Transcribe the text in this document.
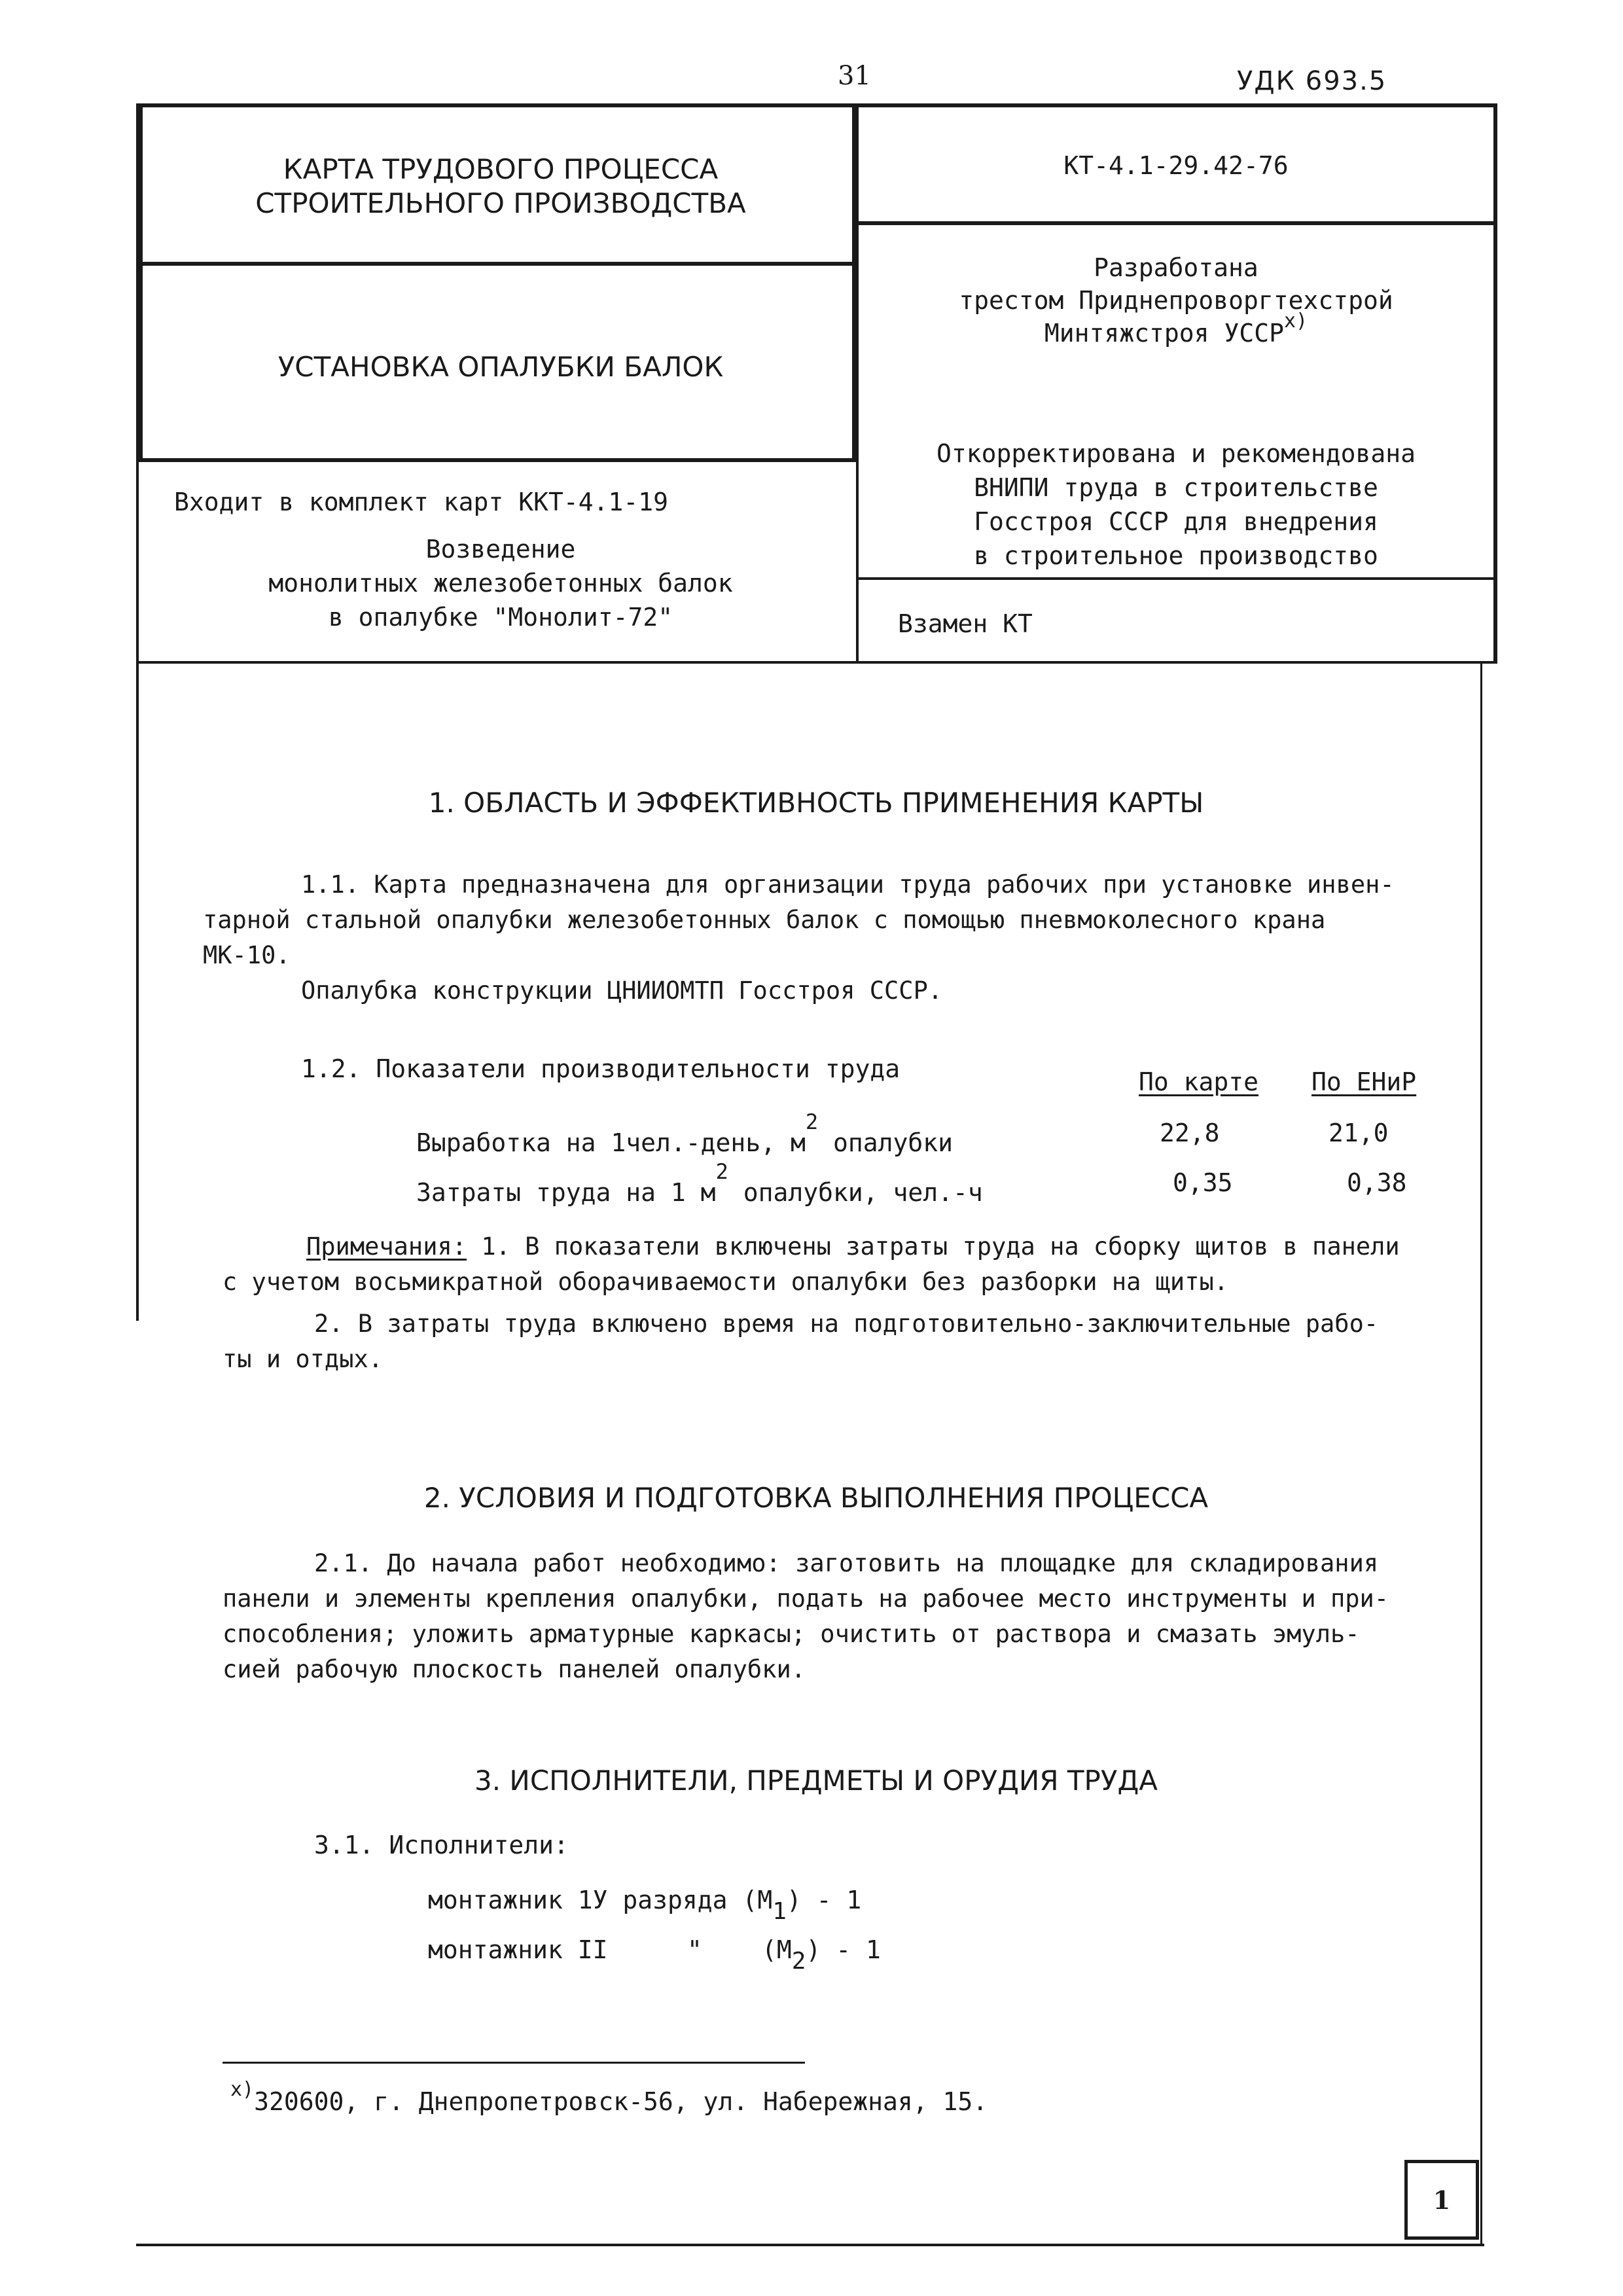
31	УДК 693.5
КАРТА ТРУДОВОГО ПРОЦЕССА
СТРОИТЕЛЬНОГО ПРОИЗВОДСТВА
УСТАНОВКА ОПАЛУБКИ БАЛОК
Входит в комплект карт ККТ-4.1-19
Возведение
монолитных железобетонных балок
в опалубке "Монолит-72"
КТ-4.1-29.42-76
Разработана
трестом Приднепроворгтехстрой
Минтяжстроя УССР$^{x)}$
Откорректирована и рекомендована
ВНИПИ труда в строительстве
Госстроя СССР для внедрения
в строительное производство
Взамен КТ
1. ОБЛАСТЬ И ЭФФЕКТИВНОСТЬ ПРИМЕНЕНИЯ КАРТЫ
1.1. Карта предназначена для организации труда рабочих при установке инвен-
тарной стальной опалубки железобетонных балок с помощью пневмоколесного крана
МК-10.
Опалубка конструкции ЦНИИОМТП Госстроя СССР.
1.2. Показатели производительности труда	По карте По ЕНиР
Выработка на 1чел.-день, $м^2$ опалубки	22,8	21,0
Затраты труда на 1 $м^2$ опалубки, чел.-ч	0,35	0,38
Примечания: 1. В показатели включены затраты труда на сборку щитов в панели
с учетом восьмикратной оборачиваемости опалубки без разборки на щиты.
2. В затраты труда включено время на подготовительно-заключительные рабо-
ты и отдых.
2. УСЛОВИЯ И ПОДГОТОВКА ВЫПОЛНЕНИЯ ПРОЦЕССА
2.1. До начала работ необходимо: заготовить на площадке для складирования
панели и элементы крепления опалубки, подать на рабочее место инструменты и при-
способления; уложить арматурные каркасы; очистить от раствора и смазать эмуль-
сией рабочую плоскость панелей опалубки.
3. ИСПОЛНИТЕЛИ, ПРЕДМЕТЫ И ОРУДИЯ ТРУДА
3.1. Исполнители:
монтажник 1У разряда $(М_1) - 1$
монтажник II	" $(М_2) - 1$
$^{x)}$320600, г. Днепропетровск-56, ул. Набережная, 15.
1
